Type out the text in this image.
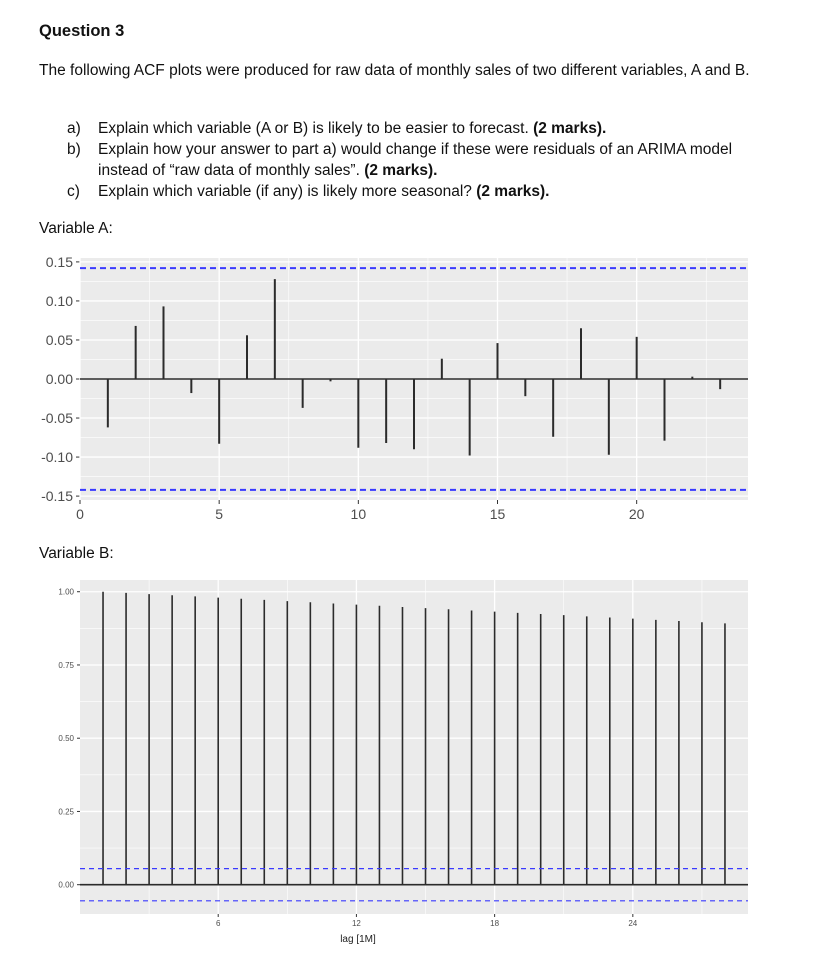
Question 3
The following ACF plots were produced for raw data of monthly sales of two different variables, A and B.
a) Explain which variable (A or B) is likely to be easier to forecast. (2 marks).
b) Explain how your answer to part a) would change if these were residuals of an ARIMA model instead of “raw data of monthly sales”. (2 marks).
c) Explain which variable (if any) is likely more seasonal? (2 marks).
Variable A:
Variable B:
0.15
0.10
0.05
0.00
-0.05
-0.10
-0.15
0	5	10	15	20
1.00
0.75
0.50
0.25
0.00
6	12	18	24
lag [1M]
